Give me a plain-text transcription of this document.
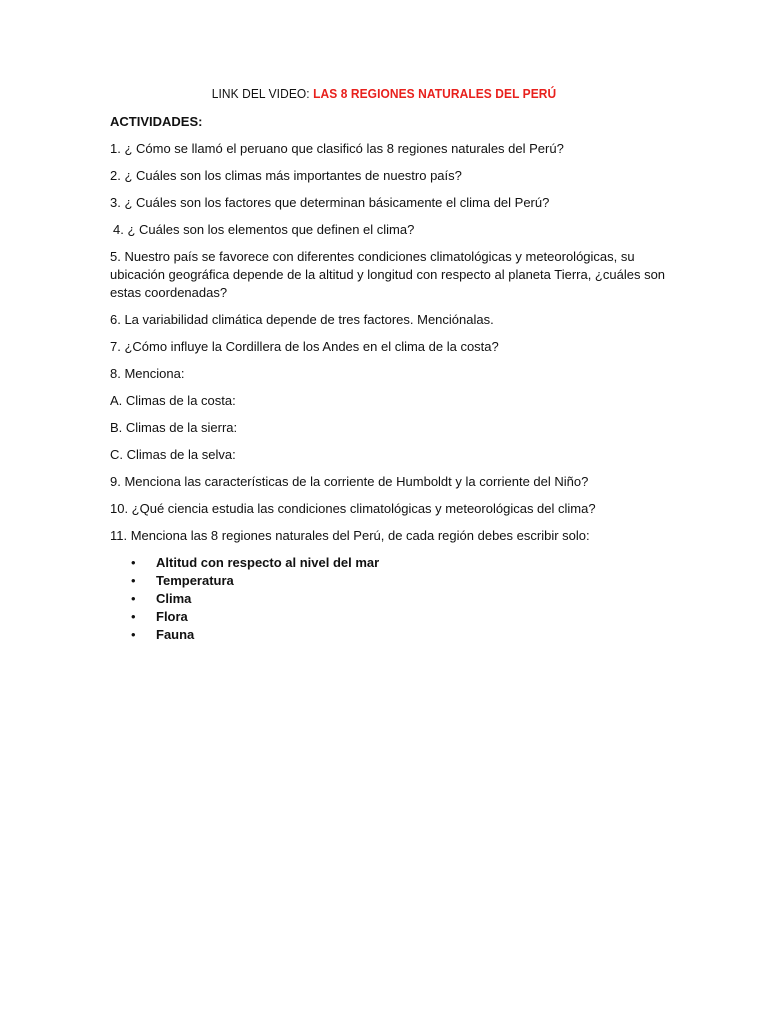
LINK DEL VIDEO: LAS 8 REGIONES NATURALES DEL PERÚ

ACTIVIDADES:

1. ¿ Cómo se llamó el peruano que clasificó las 8 regiones naturales del Perú?

2. ¿ Cuáles son los climas más importantes de nuestro país?

3. ¿ Cuáles son los factores que determinan básicamente el clima del Perú?

4. ¿ Cuáles son los elementos que definen el clima?

5. Nuestro país se favorece con diferentes condiciones climatológicas y meteorológicas, su ubicación geográfica depende de la altitud y longitud con respecto al planeta Tierra, ¿cuáles son estas coordenadas?

6. La variabilidad climática depende de tres factores. Menciónalas.

7. ¿Cómo influye la Cordillera de los Andes en el clima de la costa?

8. Menciona:

A. Climas de la costa:

B. Climas de la sierra:

C. Climas de la selva:

9. Menciona las características de la corriente de Humboldt y la corriente del Niño?

10. ¿Qué ciencia estudia las condiciones climatológicas y meteorológicas del clima?

11. Menciona las 8 regiones naturales del Perú, de cada región debes escribir solo:

• Altitud con respecto al nivel del mar
• Temperatura
• Clima
• Flora
• Fauna
